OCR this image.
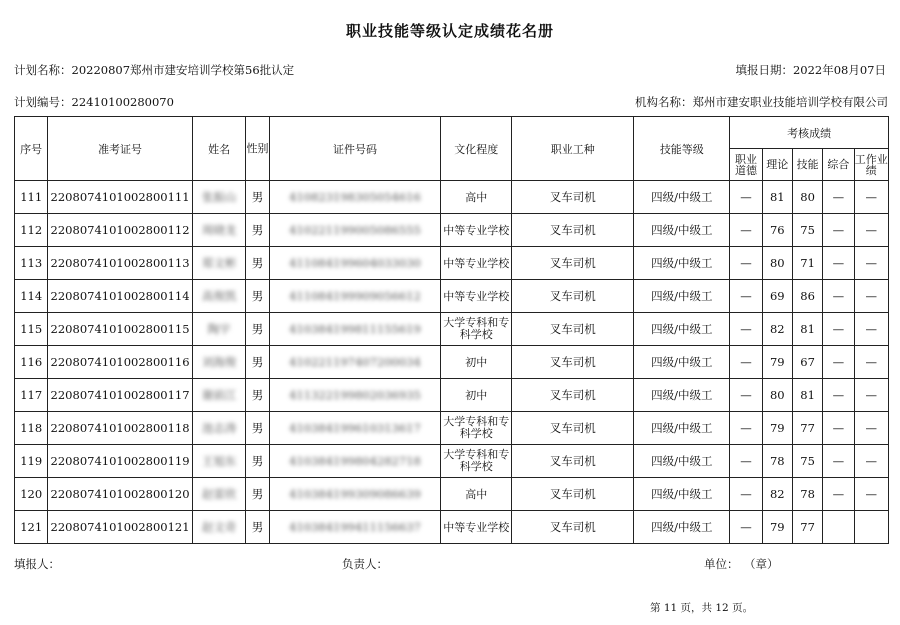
职业技能等级认定成绩花名册
计划名称：20220807郑州市建安培训学校第56批认定	填报日期：2022年08月07日
计划编号：22410100280070	机构名称：郑州市建安职业技能培训学校有限公司
序号	准考证号	姓名	性别	证件号码	文化程度	职业工种	技能等级	考核成绩				
								职业道德	理论	技能	综合	工作业绩
111	2208074101002800111	张振山	男	410823198305054616	高中	叉车司机	四级/中级工	—	81	80	—	—
112	2208074101002800112	周晓龙	男	410221199005086555	中等专业学校	叉车司机	四级/中级工	—	76	75	—	—
113	2208074101002800113	郑文彬	男	411084199604033030	中等专业学校	叉车司机	四级/中级工	—	80	71	—	—
114	2208074101002800114	高俊凯	男	411084199909056612	中等专业学校	叉车司机	四级/中级工	—	69	86	—	—
115	2208074101002800115	陶宇	男	410384199811155619	大学专科和专科学校	叉车司机	四级/中级工	—	82	81	—	—
116	2208074101002800116	刘海俊	男	410221197407200034	初中	叉车司机	四级/中级工	—	79	67	—	—
117	2208074101002800117	谢前江	男	411322199802036935	初中	叉车司机	四级/中级工	—	80	81	—	—
118	2208074101002800118	池志涛	男	410384199610313617	大学专科和专科学校	叉车司机	四级/中级工	—	79	77	—	—
119	2208074101002800119	王旭东	男	410384199804282718	大学专科和专科学校	叉车司机	四级/中级工	—	78	75	—	—
120	2208074101002800120	赵雷欣	男	410384199309086639	高中	叉车司机	四级/中级工	—	82	78	—	—
121	2208074101002800121	赵文奇	男	410384199411156637	中等专业学校	叉车司机	四级/中级工	—	79	77		
填报人：	负责人：	单位： （章）
第 11 页，共 12 页。
